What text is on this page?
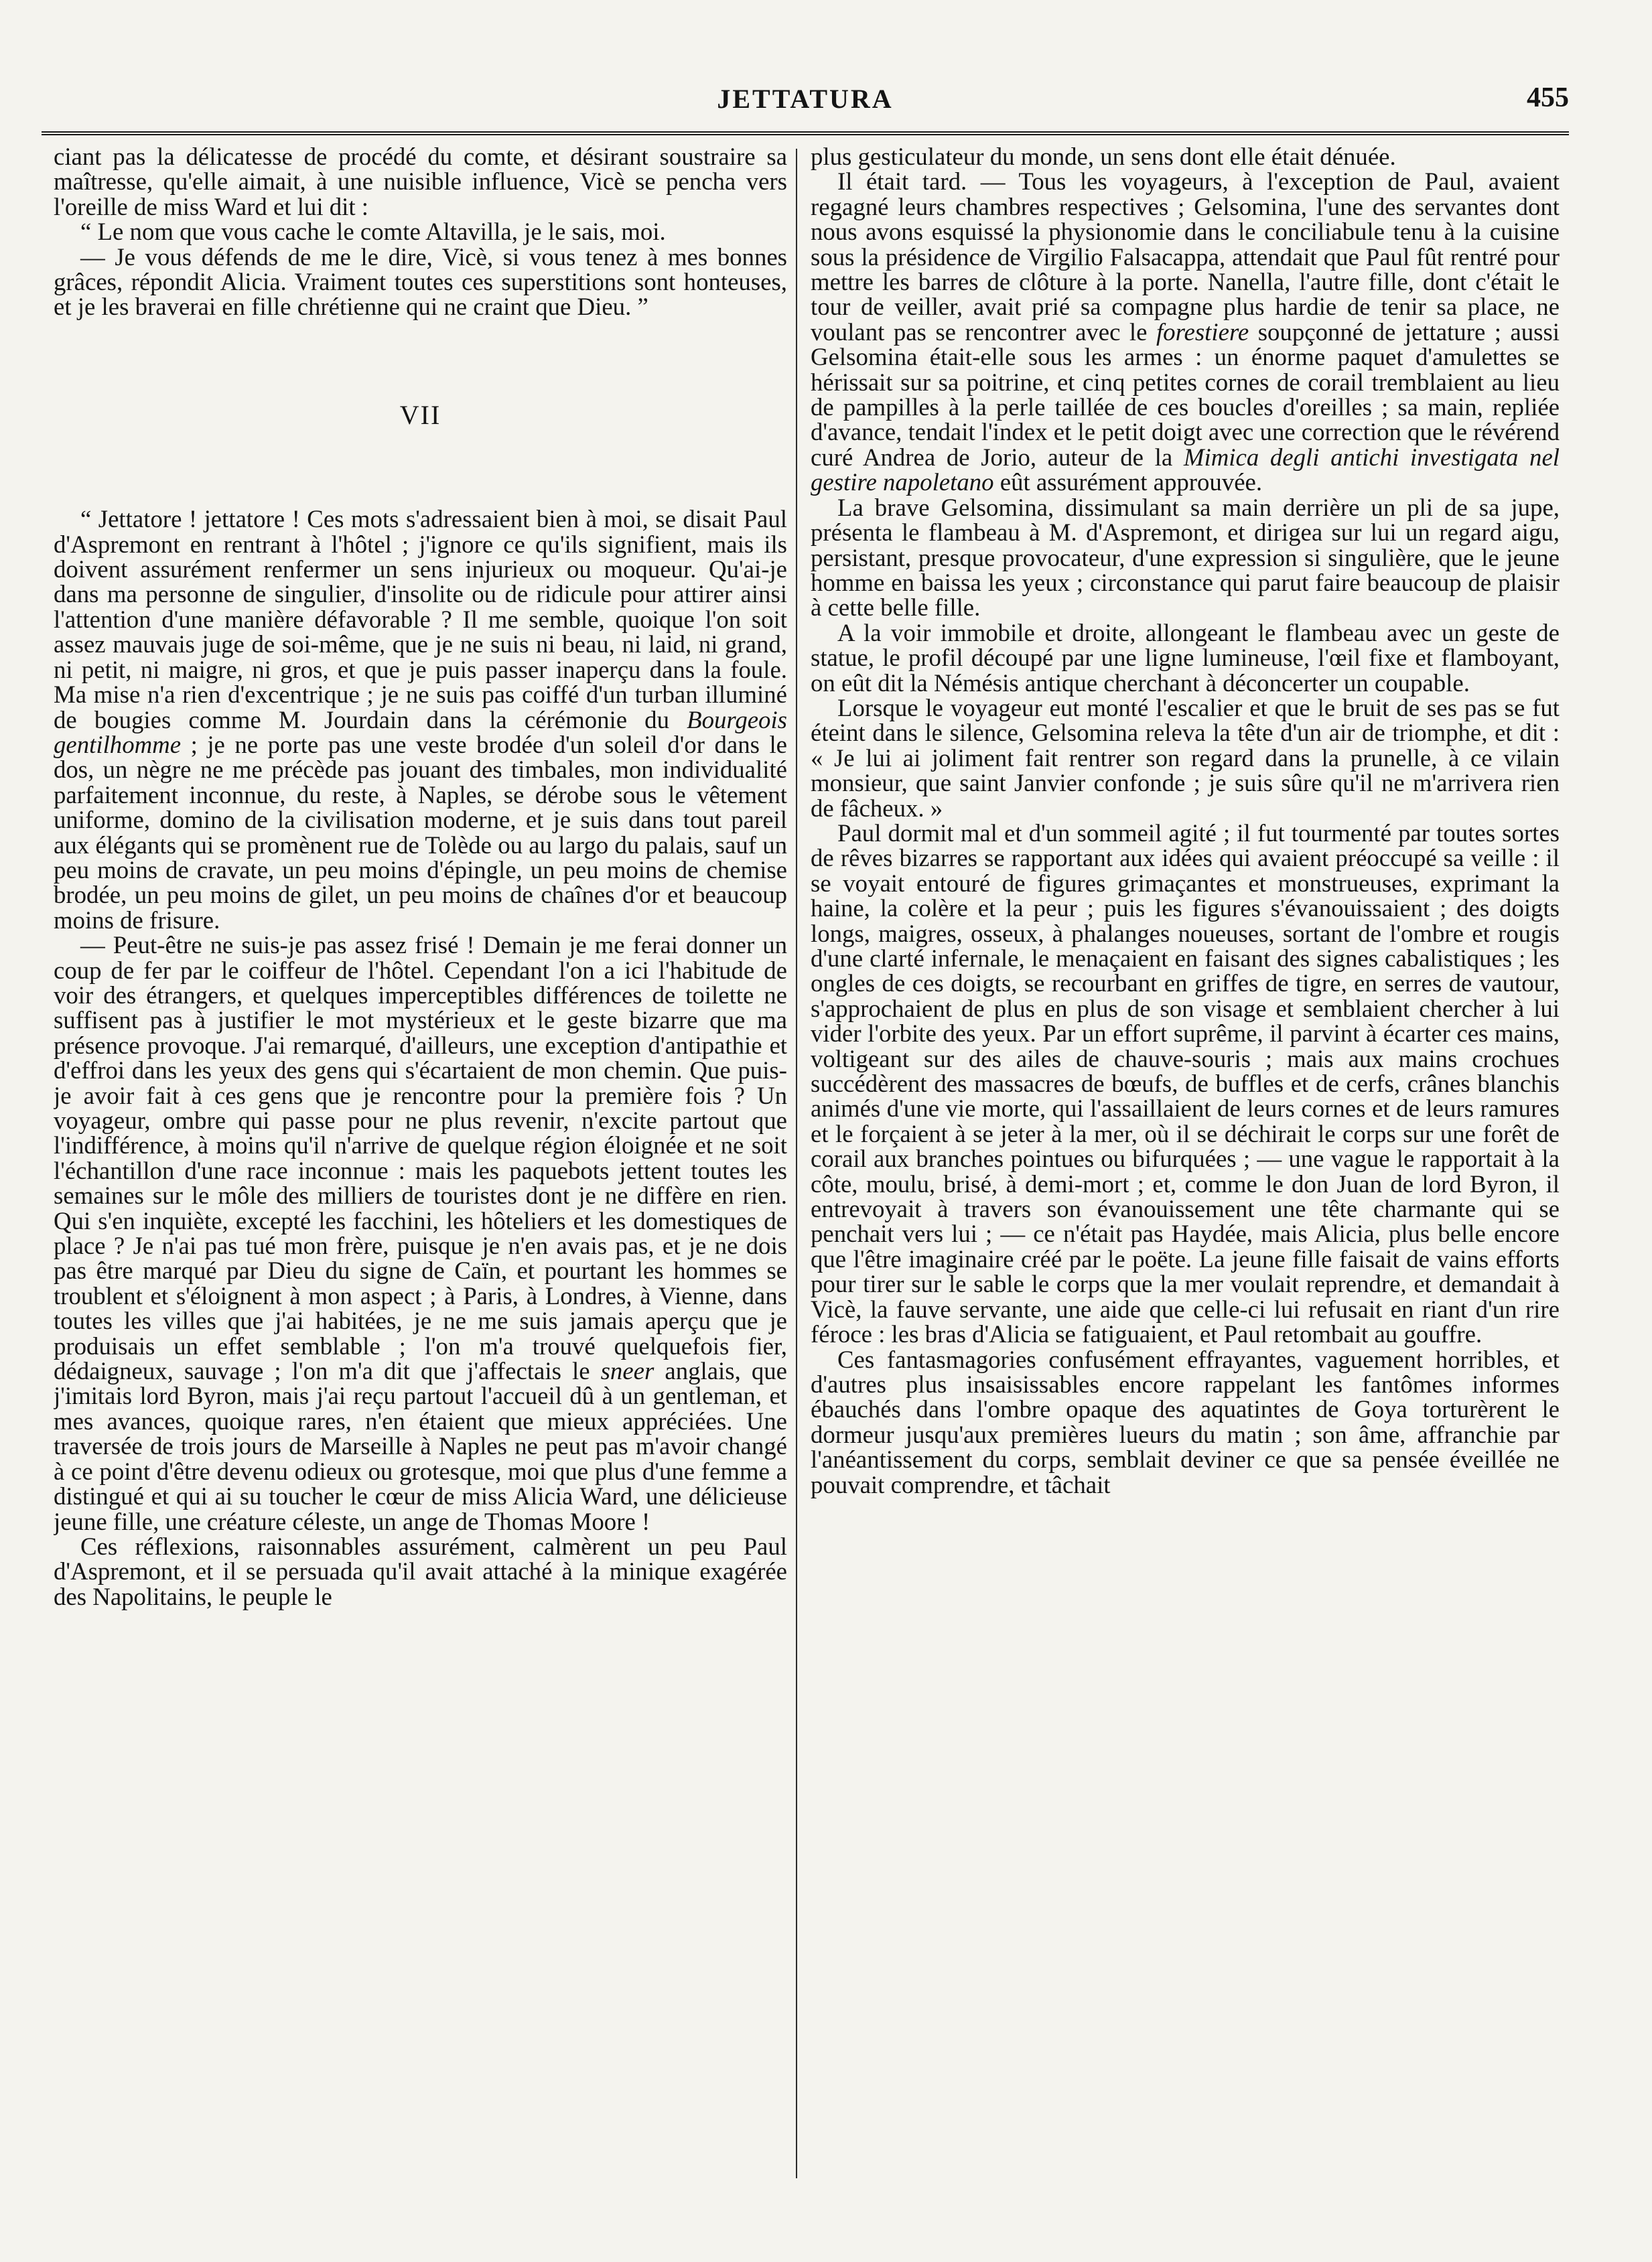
JETTATURA	455

ciant pas la délicatesse de procédé du comte, et désirant soustraire sa maîtresse, qu'elle aimait, à une nuisible influence, Vicè se pencha vers l'oreille de miss Ward et lui dit :

“ Le nom que vous cache le comte Altavilla, je le sais, moi.

— Je vous défends de me le dire, Vicè, si vous tenez à mes bonnes grâces, répondit Alicia. Vraiment toutes ces superstitions sont honteuses, et je les braverai en fille chrétienne qui ne craint que Dieu. ”

VII

“ Jettatore ! jettatore ! Ces mots s'adressaient bien à moi, se disait Paul d'Aspremont en rentrant à l'hôtel ; j'ignore ce qu'ils signifient, mais ils doivent assurément renfermer un sens injurieux ou moqueur. Qu'ai-je dans ma personne de singulier, d'insolite ou de ridicule pour attirer ainsi l'attention d'une manière défavorable ? Il me semble, quoique l'on soit assez mauvais juge de soi-même, que je ne suis ni beau, ni laid, ni grand, ni petit, ni maigre, ni gros, et que je puis passer inaperçu dans la foule. Ma mise n'a rien d'excentrique ; je ne suis pas coiffé d'un turban illuminé de bougies comme M. Jourdain dans la cérémonie du Bourgeois gentilhomme ; je ne porte pas une veste brodée d'un soleil d'or dans le dos, un nègre ne me précède pas jouant des timbales, mon individualité parfaitement inconnue, du reste, à Naples, se dérobe sous le vêtement uniforme, domino de la civilisation moderne, et je suis dans tout pareil aux élégants qui se promènent rue de Tolède ou au largo du palais, sauf un peu moins de cravate, un peu moins d'épingle, un peu moins de chemise brodée, un peu moins de gilet, un peu moins de chaînes d'or et beaucoup moins de frisure.

— Peut-être ne suis-je pas assez frisé ! Demain je me ferai donner un coup de fer par le coiffeur de l'hôtel. Cependant l'on a ici l'habitude de voir des étrangers, et quelques imperceptibles différences de toilette ne suffisent pas à justifier le mot mystérieux et le geste bizarre que ma présence provoque. J'ai remarqué, d'ailleurs, une exception d'antipathie et d'effroi dans les yeux des gens qui s'écartaient de mon chemin. Que puis-je avoir fait à ces gens que je rencontre pour la première fois ? Un voyageur, ombre qui passe pour ne plus revenir, n'excite partout que l'indifférence, à moins qu'il n'arrive de quelque région éloignée et ne soit l'échantillon d'une race inconnue : mais les paquebots jettent toutes les semaines sur le môle des milliers de touristes dont je ne diffère en rien. Qui s'en inquiète, excepté les facchini, les hôteliers et les domestiques de place ? Je n'ai pas tué mon frère, puisque je n'en avais pas, et je ne dois pas être marqué par Dieu du signe de Caïn, et pourtant les hommes se troublent et s'éloignent à mon aspect ; à Paris, à Londres, à Vienne, dans toutes les villes que j'ai habitées, je ne me suis jamais aperçu que je produisais un effet semblable ; l'on m'a trouvé quelquefois fier, dédaigneux, sauvage ; l'on m'a dit que j'affectais le sneer anglais, que j'imitais lord Byron, mais j'ai reçu partout l'accueil dû à un gentleman, et mes avances, quoique rares, n'en étaient que mieux appréciées. Une traversée de trois jours de Marseille à Naples ne peut pas m'avoir changé à ce point d'être devenu odieux ou grotesque, moi que plus d'une femme a distingué et qui ai su toucher le cœur de miss Alicia Ward, une délicieuse jeune fille, une créature céleste, un ange de Thomas Moore !

Ces réflexions, raisonnables assurément, calmèrent un peu Paul d'Aspremont, et il se persuada qu'il avait attaché à la minique exagérée des Napolitains, le peuple le

plus gesticulateur du monde, un sens dont elle était dénuée.

Il était tard. — Tous les voyageurs, à l'exception de Paul, avaient regagné leurs chambres respectives ; Gelsomina, l'une des servantes dont nous avons esquissé la physionomie dans le conciliabule tenu à la cuisine sous la présidence de Virgilio Falsacappa, attendait que Paul fût rentré pour mettre les barres de clôture à la porte. Nanella, l'autre fille, dont c'était le tour de veiller, avait prié sa compagne plus hardie de tenir sa place, ne voulant pas se rencontrer avec le forestiere soupçonné de jettature ; aussi Gelsomina était-elle sous les armes : un énorme paquet d'amulettes se hérissait sur sa poitrine, et cinq petites cornes de corail tremblaient au lieu de pampilles à la perle taillée de ces boucles d'oreilles ; sa main, repliée d'avance, tendait l'index et le petit doigt avec une correction que le révérend curé Andrea de Jorio, auteur de la Mimica degli antichi investigata nel gestire napoletano eût assurément approuvée.

La brave Gelsomina, dissimulant sa main derrière un pli de sa jupe, présenta le flambeau à M. d'Aspremont, et dirigea sur lui un regard aigu, persistant, presque provocateur, d'une expression si singulière, que le jeune homme en baissa les yeux ; circonstance qui parut faire beaucoup de plaisir à cette belle fille.

A la voir immobile et droite, allongeant le flambeau avec un geste de statue, le profil découpé par une ligne lumineuse, l'œil fixe et flamboyant, on eût dit la Némésis antique cherchant à déconcerter un coupable.

Lorsque le voyageur eut monté l'escalier et que le bruit de ses pas se fut éteint dans le silence, Gelsomina releva la tête d'un air de triomphe, et dit : « Je lui ai joliment fait rentrer son regard dans la prunelle, à ce vilain monsieur, que saint Janvier confonde ; je suis sûre qu'il ne m'arrivera rien de fâcheux. »

Paul dormit mal et d'un sommeil agité ; il fut tourmenté par toutes sortes de rêves bizarres se rapportant aux idées qui avaient préoccupé sa veille : il se voyait entouré de figures grimaçantes et monstrueuses, exprimant la haine, la colère et la peur ; puis les figures s'évanouissaient ; des doigts longs, maigres, osseux, à phalanges noueuses, sortant de l'ombre et rougis d'une clarté infernale, le menaçaient en faisant des signes cabalistiques ; les ongles de ces doigts, se recourbant en griffes de tigre, en serres de vautour, s'approchaient de plus en plus de son visage et semblaient chercher à lui vider l'orbite des yeux. Par un effort suprême, il parvint à écarter ces mains, voltigeant sur des ailes de chauve-souris ; mais aux mains crochues succédèrent des massacres de bœufs, de buffles et de cerfs, crânes blanchis animés d'une vie morte, qui l'assaillaient de leurs cornes et de leurs ramures et le forçaient à se jeter à la mer, où il se déchirait le corps sur une forêt de corail aux branches pointues ou bifurquées ; — une vague le rapportait à la côte, moulu, brisé, à demi-mort ; et, comme le don Juan de lord Byron, il entrevoyait à travers son évanouissement une tête charmante qui se penchait vers lui ; — ce n'était pas Haydée, mais Alicia, plus belle encore que l'être imaginaire créé par le poëte. La jeune fille faisait de vains efforts pour tirer sur le sable le corps que la mer voulait reprendre, et demandait à Vicè, la fauve servante, une aide que celle-ci lui refusait en riant d'un rire féroce : les bras d'Alicia se fatiguaient, et Paul retombait au gouffre.

Ces fantasmagories confusément effrayantes, vaguement horribles, et d'autres plus insaisissables encore rappelant les fantômes informes ébauchés dans l'ombre opaque des aquatintes de Goya torturèrent le dormeur jusqu'aux premières lueurs du matin ; son âme, affranchie par l'anéantissement du corps, semblait deviner ce que sa pensée éveillée ne pouvait comprendre, et tâchait
